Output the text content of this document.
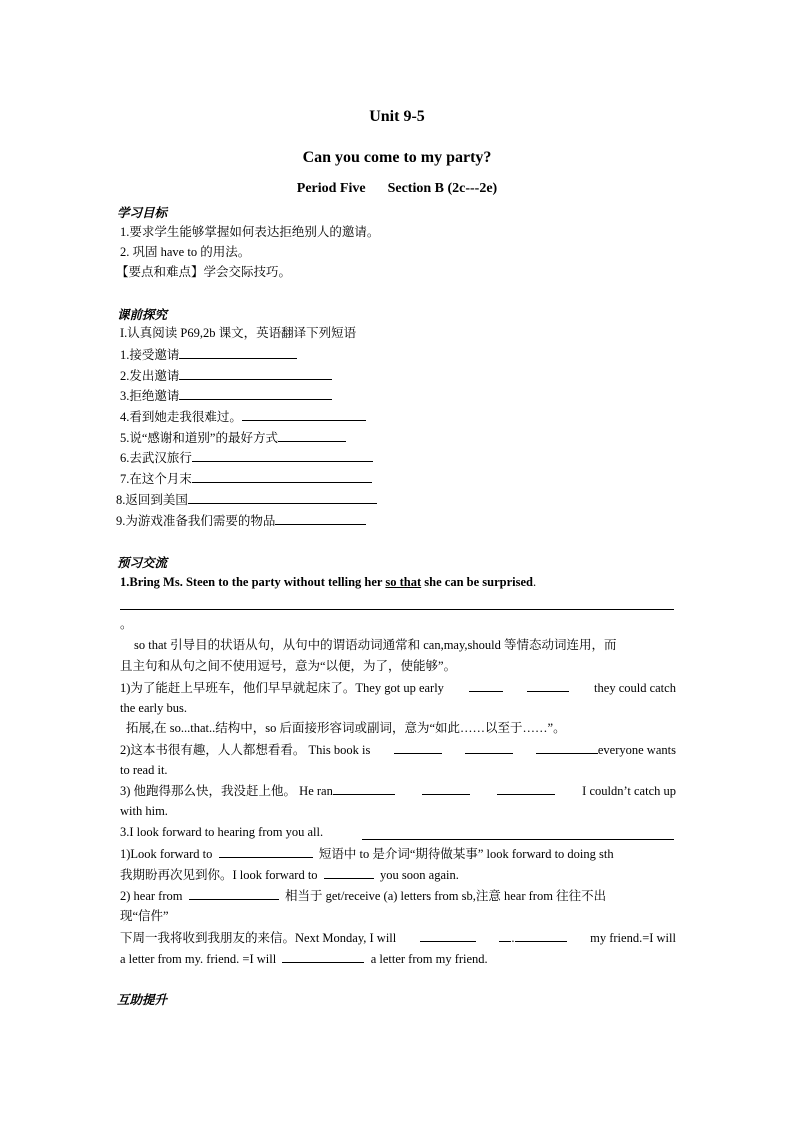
Unit 9-5
Can you come to my party?
Period Five Section B (2c---2e)
学习目标
1.要求学生能够掌握如何表达拒绝别人的邀请。
2. 巩固 have to 的用法。
【要点和难点】学会交际技巧。
课前探究
I.认真阅读 P69,2b 课文，英语翻译下列短语
1.接受邀请
2.发出邀请
3.拒绝邀请
4.看到她走我很难过。
5.说“感谢和道别”的最好方式
6.去武汉旅行
7.在这个月末
8.返回到美国
9.为游戏准备我们需要的物品
预习交流
1.Bring Ms. Steen to the party without telling her so that she can be surprised.
。
so that 引导目的状语从句，从句中的谓语动词通常和 can,may,should 等情态动词连用，而
且主句和从句之间不使用逗号，意为“以便，为了，使能够”。
1)为了能赶上早班车，他们早早就起床了。They got up early	they could catch
the early bus.
拓展,在 so...that..结构中，so 后面接形容词或副词，意为“如此……以至于……”。
2)这本书很有趣，人人都想看看。 This book is	everyone wants
to read it.
3) 他跑得那么快，我没赶上他。 He ran	I couldn’t catch up
with him.
3.I look forward to hearing from you all.
1)Look forward to	短语中 to 是介词“期待做某事” look forward to doing sth
我期盼再次见到你。I look forward to	you soon again.
2) hear from	相当于 get/receive (a) letters from sb,注意 hear from 往往不出
现“信件”
下周一我将收到我朋友的来信。Next Monday, I will	.	my friend.=I will
a letter from my. friend. =I will	a letter from my friend.
互助提升
